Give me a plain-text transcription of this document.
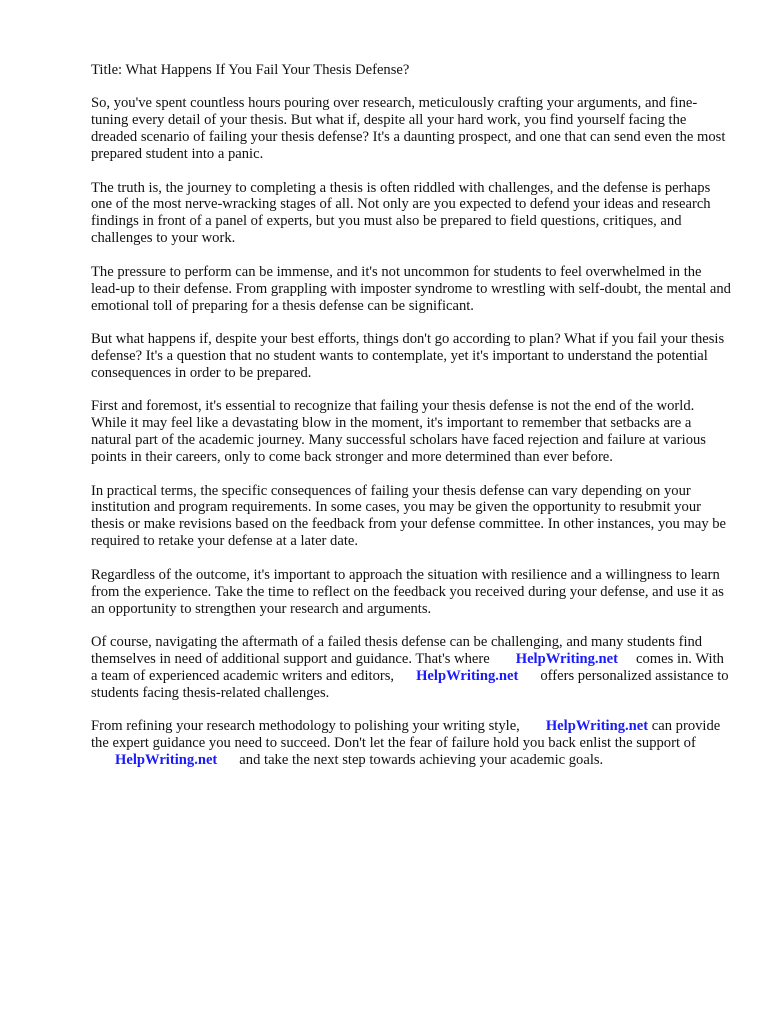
Title: What Happens If You Fail Your Thesis Defense?

So, you've spent countless hours pouring over research, meticulously crafting your arguments, and fine-tuning every detail of your thesis. But what if, despite all your hard work, you find yourself facing the dreaded scenario of failing your thesis defense? It's a daunting prospect, and one that can send even the most prepared student into a panic.

The truth is, the journey to completing a thesis is often riddled with challenges, and the defense is perhaps one of the most nerve-wracking stages of all. Not only are you expected to defend your ideas and research findings in front of a panel of experts, but you must also be prepared to field questions, critiques, and challenges to your work.

The pressure to perform can be immense, and it's not uncommon for students to feel overwhelmed in the lead-up to their defense. From grappling with imposter syndrome to wrestling with self-doubt, the mental and emotional toll of preparing for a thesis defense can be significant.

But what happens if, despite your best efforts, things don't go according to plan? What if you fail your thesis defense? It's a question that no student wants to contemplate, yet it's important to understand the potential consequences in order to be prepared.

First and foremost, it's essential to recognize that failing your thesis defense is not the end of the world. While it may feel like a devastating blow in the moment, it's important to remember that setbacks are a natural part of the academic journey. Many successful scholars have faced rejection and failure at various points in their careers, only to come back stronger and more determined than ever before.

In practical terms, the specific consequences of failing your thesis defense can vary depending on your institution and program requirements. In some cases, you may be given the opportunity to resubmit your thesis or make revisions based on the feedback from your defense committee. In other instances, you may be required to retake your defense at a later date.

Regardless of the outcome, it's important to approach the situation with resilience and a willingness to learn from the experience. Take the time to reflect on the feedback you received during your defense, and use it as an opportunity to strengthen your research and arguments.

Of course, navigating the aftermath of a failed thesis defense can be challenging, and many students find themselves in need of additional support and guidance. That's where HelpWriting.net comes in. With a team of experienced academic writers and editors, HelpWriting.net offers personalized assistance to students facing thesis-related challenges.

From refining your research methodology to polishing your writing style, HelpWriting.net can provide the expert guidance you need to succeed. Don't let the fear of failure hold you back enlist the support ofHelpWriting.net and take the next step towards achieving your academic goals.
